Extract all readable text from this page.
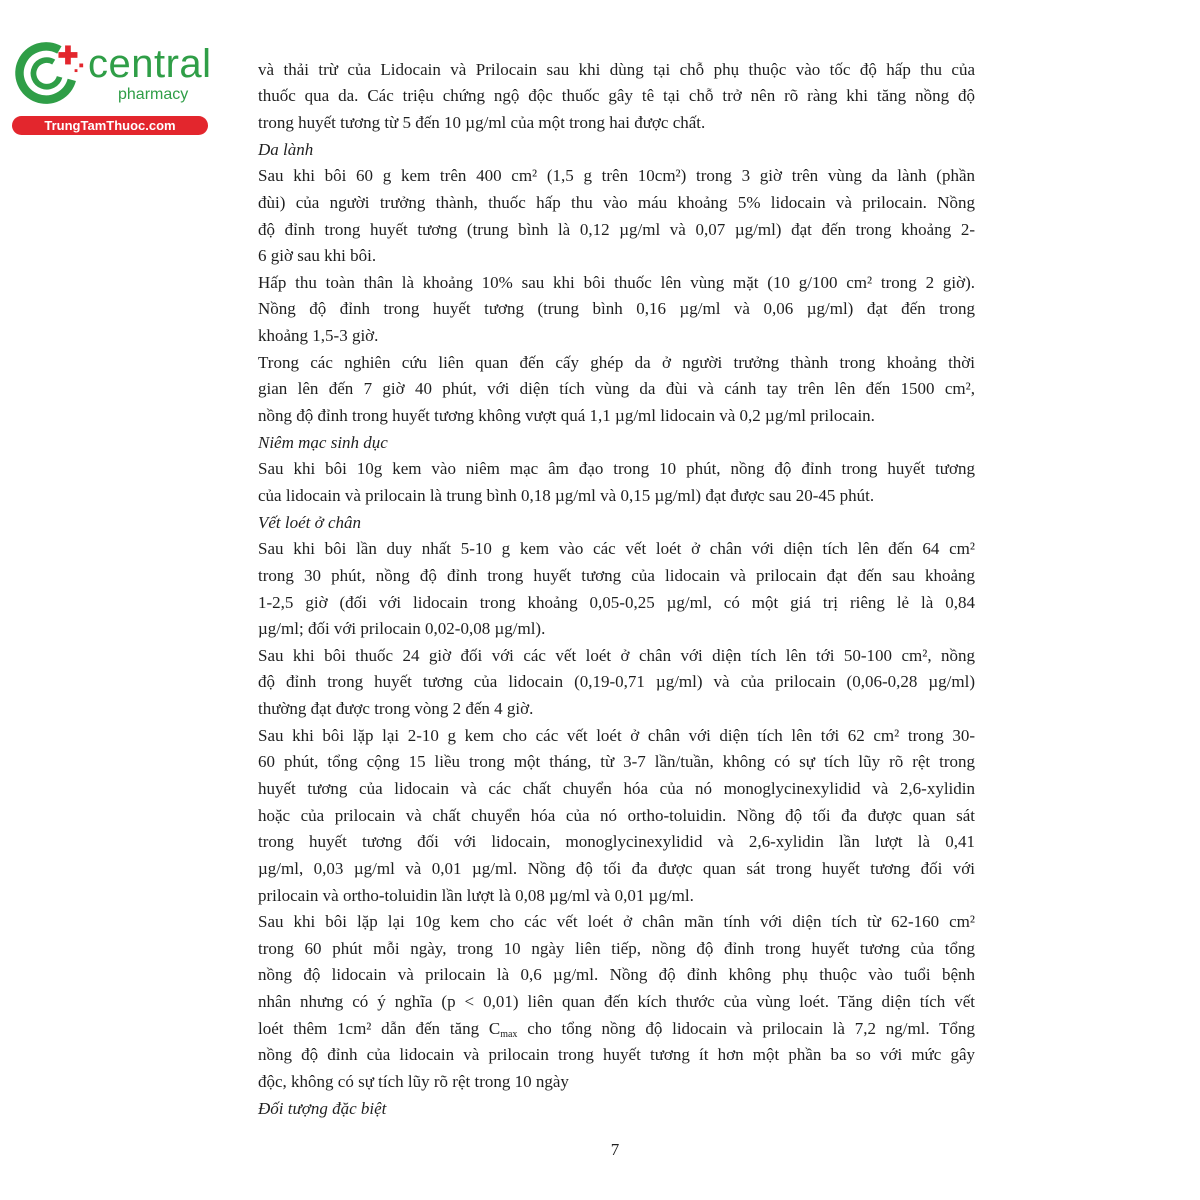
central
pharmacy
TrungTamThuoc.com
và thải trừ của Lidocain và Prilocain sau khi dùng tại chỗ phụ thuộc vào tốc độ hấp thu của
thuốc qua da. Các triệu chứng ngộ độc thuốc gây tê tại chỗ trở nên rõ ràng khi tăng nồng độ
trong huyết tương từ 5 đến 10 µg/ml của một trong hai được chất.
Da lành
Sau khi bôi 60 g kem trên 400 cm² (1,5 g trên 10cm²) trong 3 giờ trên vùng da lành (phần
đùi) của người trưởng thành, thuốc hấp thu vào máu khoảng 5% lidocain và prilocain. Nồng
độ đỉnh trong huyết tương (trung bình là 0,12 µg/ml và 0,07 µg/ml) đạt đến trong khoảng 2-
6 giờ sau khi bôi.
Hấp thu toàn thân là khoảng 10% sau khi bôi thuốc lên vùng mặt (10 g/100 cm² trong 2 giờ).
Nồng độ đỉnh trong huyết tương (trung bình 0,16 µg/ml và 0,06 µg/ml) đạt đến trong
khoảng 1,5-3 giờ.
Trong các nghiên cứu liên quan đến cấy ghép da ở người trưởng thành trong khoảng thời
gian lên đến 7 giờ 40 phút, với diện tích vùng da đùi và cánh tay trên lên đến 1500 cm²,
nồng độ đỉnh trong huyết tương không vượt quá 1,1 µg/ml lidocain và 0,2 µg/ml prilocain.
Niêm mạc sinh dục
Sau khi bôi 10g kem vào niêm mạc âm đạo trong 10 phút, nồng độ đỉnh trong huyết tương
của lidocain và prilocain là trung bình 0,18 µg/ml và 0,15 µg/ml) đạt được sau 20-45 phút.
Vết loét ở chân
Sau khi bôi lần duy nhất 5-10 g kem vào các vết loét ở chân với diện tích lên đến 64 cm²
trong 30 phút, nồng độ đỉnh trong huyết tương của lidocain và prilocain đạt đến sau khoảng
1-2,5 giờ (đối với lidocain trong khoảng 0,05-0,25 µg/ml, có một giá trị riêng lẻ là 0,84
µg/ml; đối với prilocain 0,02-0,08 µg/ml).
Sau khi bôi thuốc 24 giờ đối với các vết loét ở chân với diện tích lên tới 50-100 cm², nồng
độ đỉnh trong huyết tương của lidocain (0,19-0,71 µg/ml) và của prilocain (0,06-0,28 µg/ml)
thường đạt được trong vòng 2 đến 4 giờ.
Sau khi bôi lặp lại 2-10 g kem cho các vết loét ở chân với diện tích lên tới 62 cm² trong 30-
60 phút, tổng cộng 15 liều trong một tháng, từ 3-7 lần/tuần, không có sự tích lũy rõ rệt trong
huyết tương của lidocain và các chất chuyển hóa của nó monoglycinexylidid và 2,6-xylidin
hoặc của prilocain và chất chuyển hóa của nó ortho-toluidin. Nồng độ tối đa được quan sát
trong huyết tương đối với lidocain, monoglycinexylidid và 2,6-xylidin lần lượt là 0,41
µg/ml, 0,03 µg/ml và 0,01 µg/ml. Nồng độ tối đa được quan sát trong huyết tương đối với
prilocain và ortho-toluidin lần lượt là 0,08 µg/ml và 0,01 µg/ml.
Sau khi bôi lặp lại 10g kem cho các vết loét ở chân mãn tính với diện tích từ 62-160 cm²
trong 60 phút mỗi ngày, trong 10 ngày liên tiếp, nồng độ đỉnh trong huyết tương của tổng
nồng độ lidocain và prilocain là 0,6 µg/ml. Nồng độ đỉnh không phụ thuộc vào tuổi bệnh
nhân nhưng có ý nghĩa (p < 0,01) liên quan đến kích thước của vùng loét. Tăng diện tích vết
loét thêm 1cm² dẫn đến tăng $C_{max}$ cho tổng nồng độ lidocain và prilocain là 7,2 ng/ml. Tổng
nồng độ đỉnh của lidocain và prilocain trong huyết tương ít hơn một phần ba so với mức gây
độc, không có sự tích lũy rõ rệt trong 10 ngày
Đối tượng đặc biệt
7
